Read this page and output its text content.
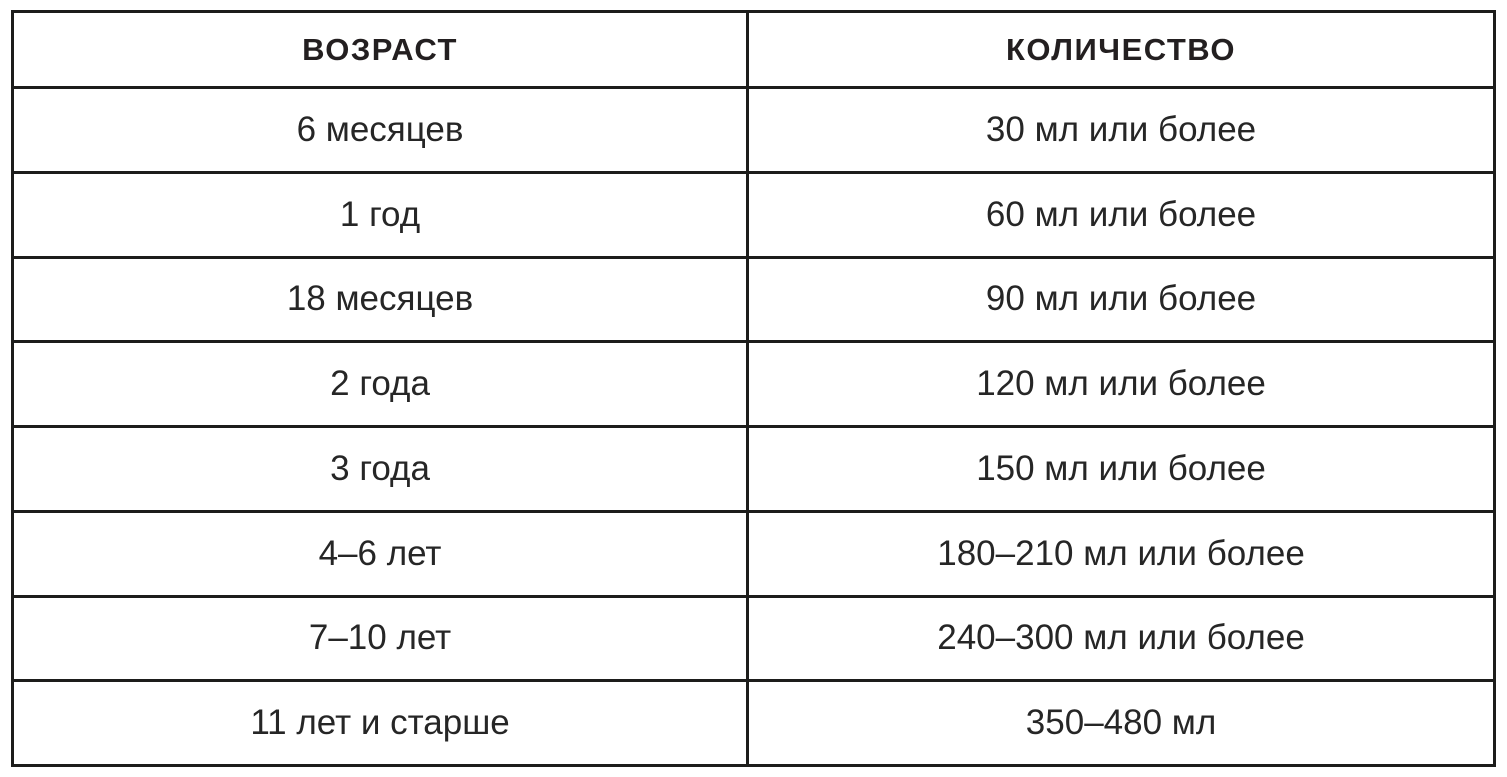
ВОЗРАСТ	КОЛИЧЕСТВО
6 месяцев	30 мл или более
1 год	60 мл или более
18 месяцев	90 мл или более
2 года	120 мл или более
3 года	150 мл или более
4–6 лет	180–210 мл или более
7–10 лет	240–300 мл или более
11 лет и старше	350–480 мл
